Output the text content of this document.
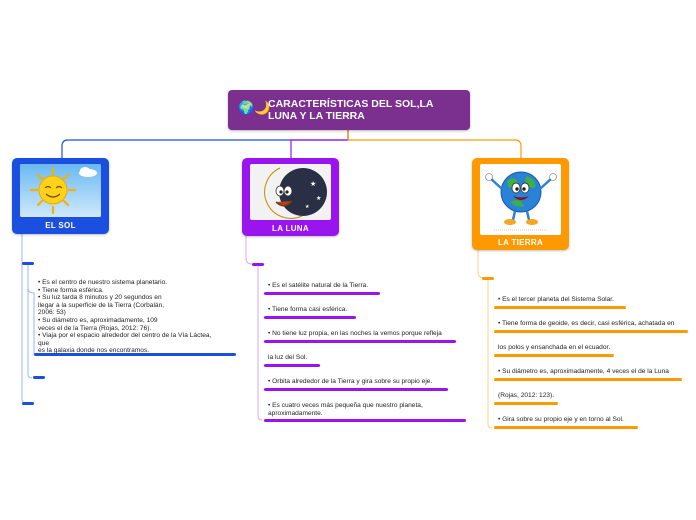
🌍🌙
CARACTERÍSTICAS DEL SOL,LA LUNA Y LA TIERRA
EL SOL
★
★
★
LA LUNA
LA TIERRA
• Es el centro de nuestro sistema planetario.
• Tiene forma esférica.
• Su luz tarda 8 minutos y 20 segundos en
llegar a la superficie de la Tierra (Corbalán,
2006: 53)
• Su diámetro es, aproximadamente, 109
veces el de la Tierra (Rojas, 2012: 76).
• Viaja por el espacio alrededor del centro de la Vía Láctea,
que
es la galaxia donde nos encontramos.
• Es el satélite natural de la Tierra.
• Tiene forma casi esférica.
• No tiene luz propia, en las noches la vemos porque refleja
la luz del Sol.
• Orbita alrededor de la Tierra y gira sobre su propio eje.
• Es cuatro veces más pequeña que nuestro planeta,
aproximadamente.
• Es el tercer planeta del Sistema Solar.
• Tiene forma de geoide, es decir, casi esférica, achatada en
los polos y ensanchada en el ecuador.
• Su diámetro es, aproximadamente, 4 veces el de la Luna
(Rojas, 2012: 123).
• Gira sobre su propio eje y en torno al Sol.
